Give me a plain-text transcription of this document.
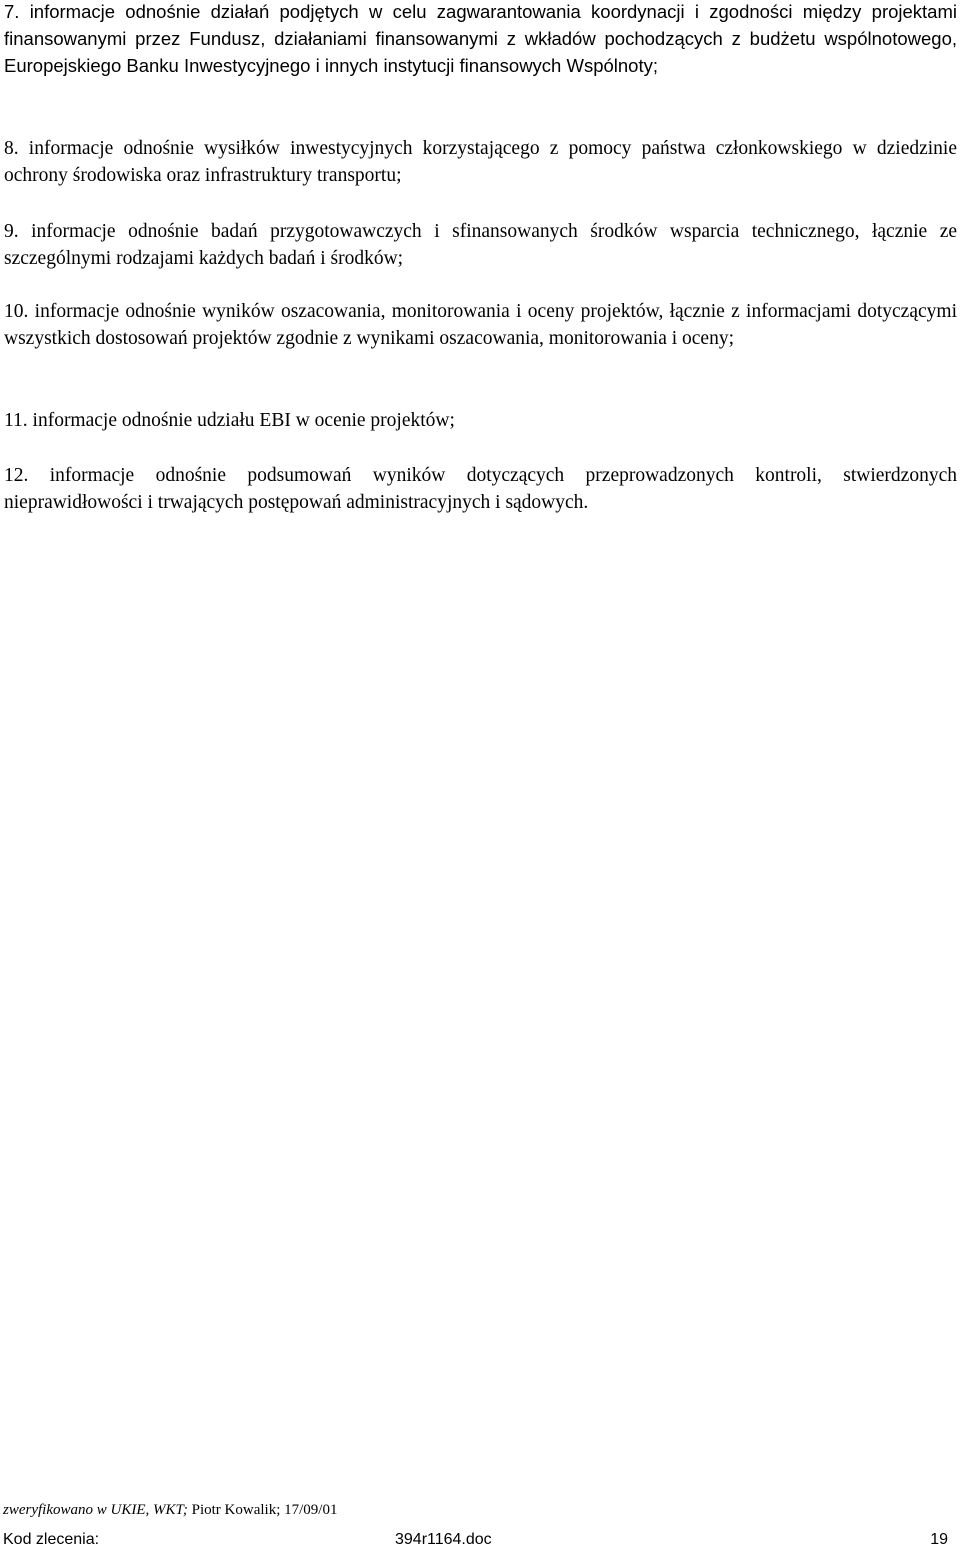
7. informacje odnośnie działań podjętych w celu zagwarantowania koordynacji i zgodności między projektami finansowanymi przez Fundusz, działaniami finansowanymi z wkładów pochodzących z budżetu wspólnotowego, Europejskiego Banku Inwestycyjnego i innych instytucji finansowych Wspólnoty;

8. informacje odnośnie wysiłków inwestycyjnych korzystającego z pomocy państwa członkowskiego w dziedzinie ochrony środowiska oraz infrastruktury transportu;

9. informacje odnośnie badań przygotowawczych i sfinansowanych środków wsparcia technicznego, łącznie ze szczególnymi rodzajami każdych badań i środków;

10. informacje odnośnie wyników oszacowania, monitorowania i oceny projektów, łącznie z informacjami dotyczącymi wszystkich dostosowań projektów zgodnie z wynikami oszacowania, monitorowania i oceny;

11. informacje odnośnie udziału EBI w ocenie projektów;

12. informacje odnośnie podsumowań wyników dotyczących przeprowadzonych kontroli, stwierdzonych nieprawidłowości i trwających postępowań administracyjnych i sądowych.

zweryfikowano w UKIE, WKT; Piotr Kowalik; 17/09/01
Kod zlecenia:	394r1164.doc	19
